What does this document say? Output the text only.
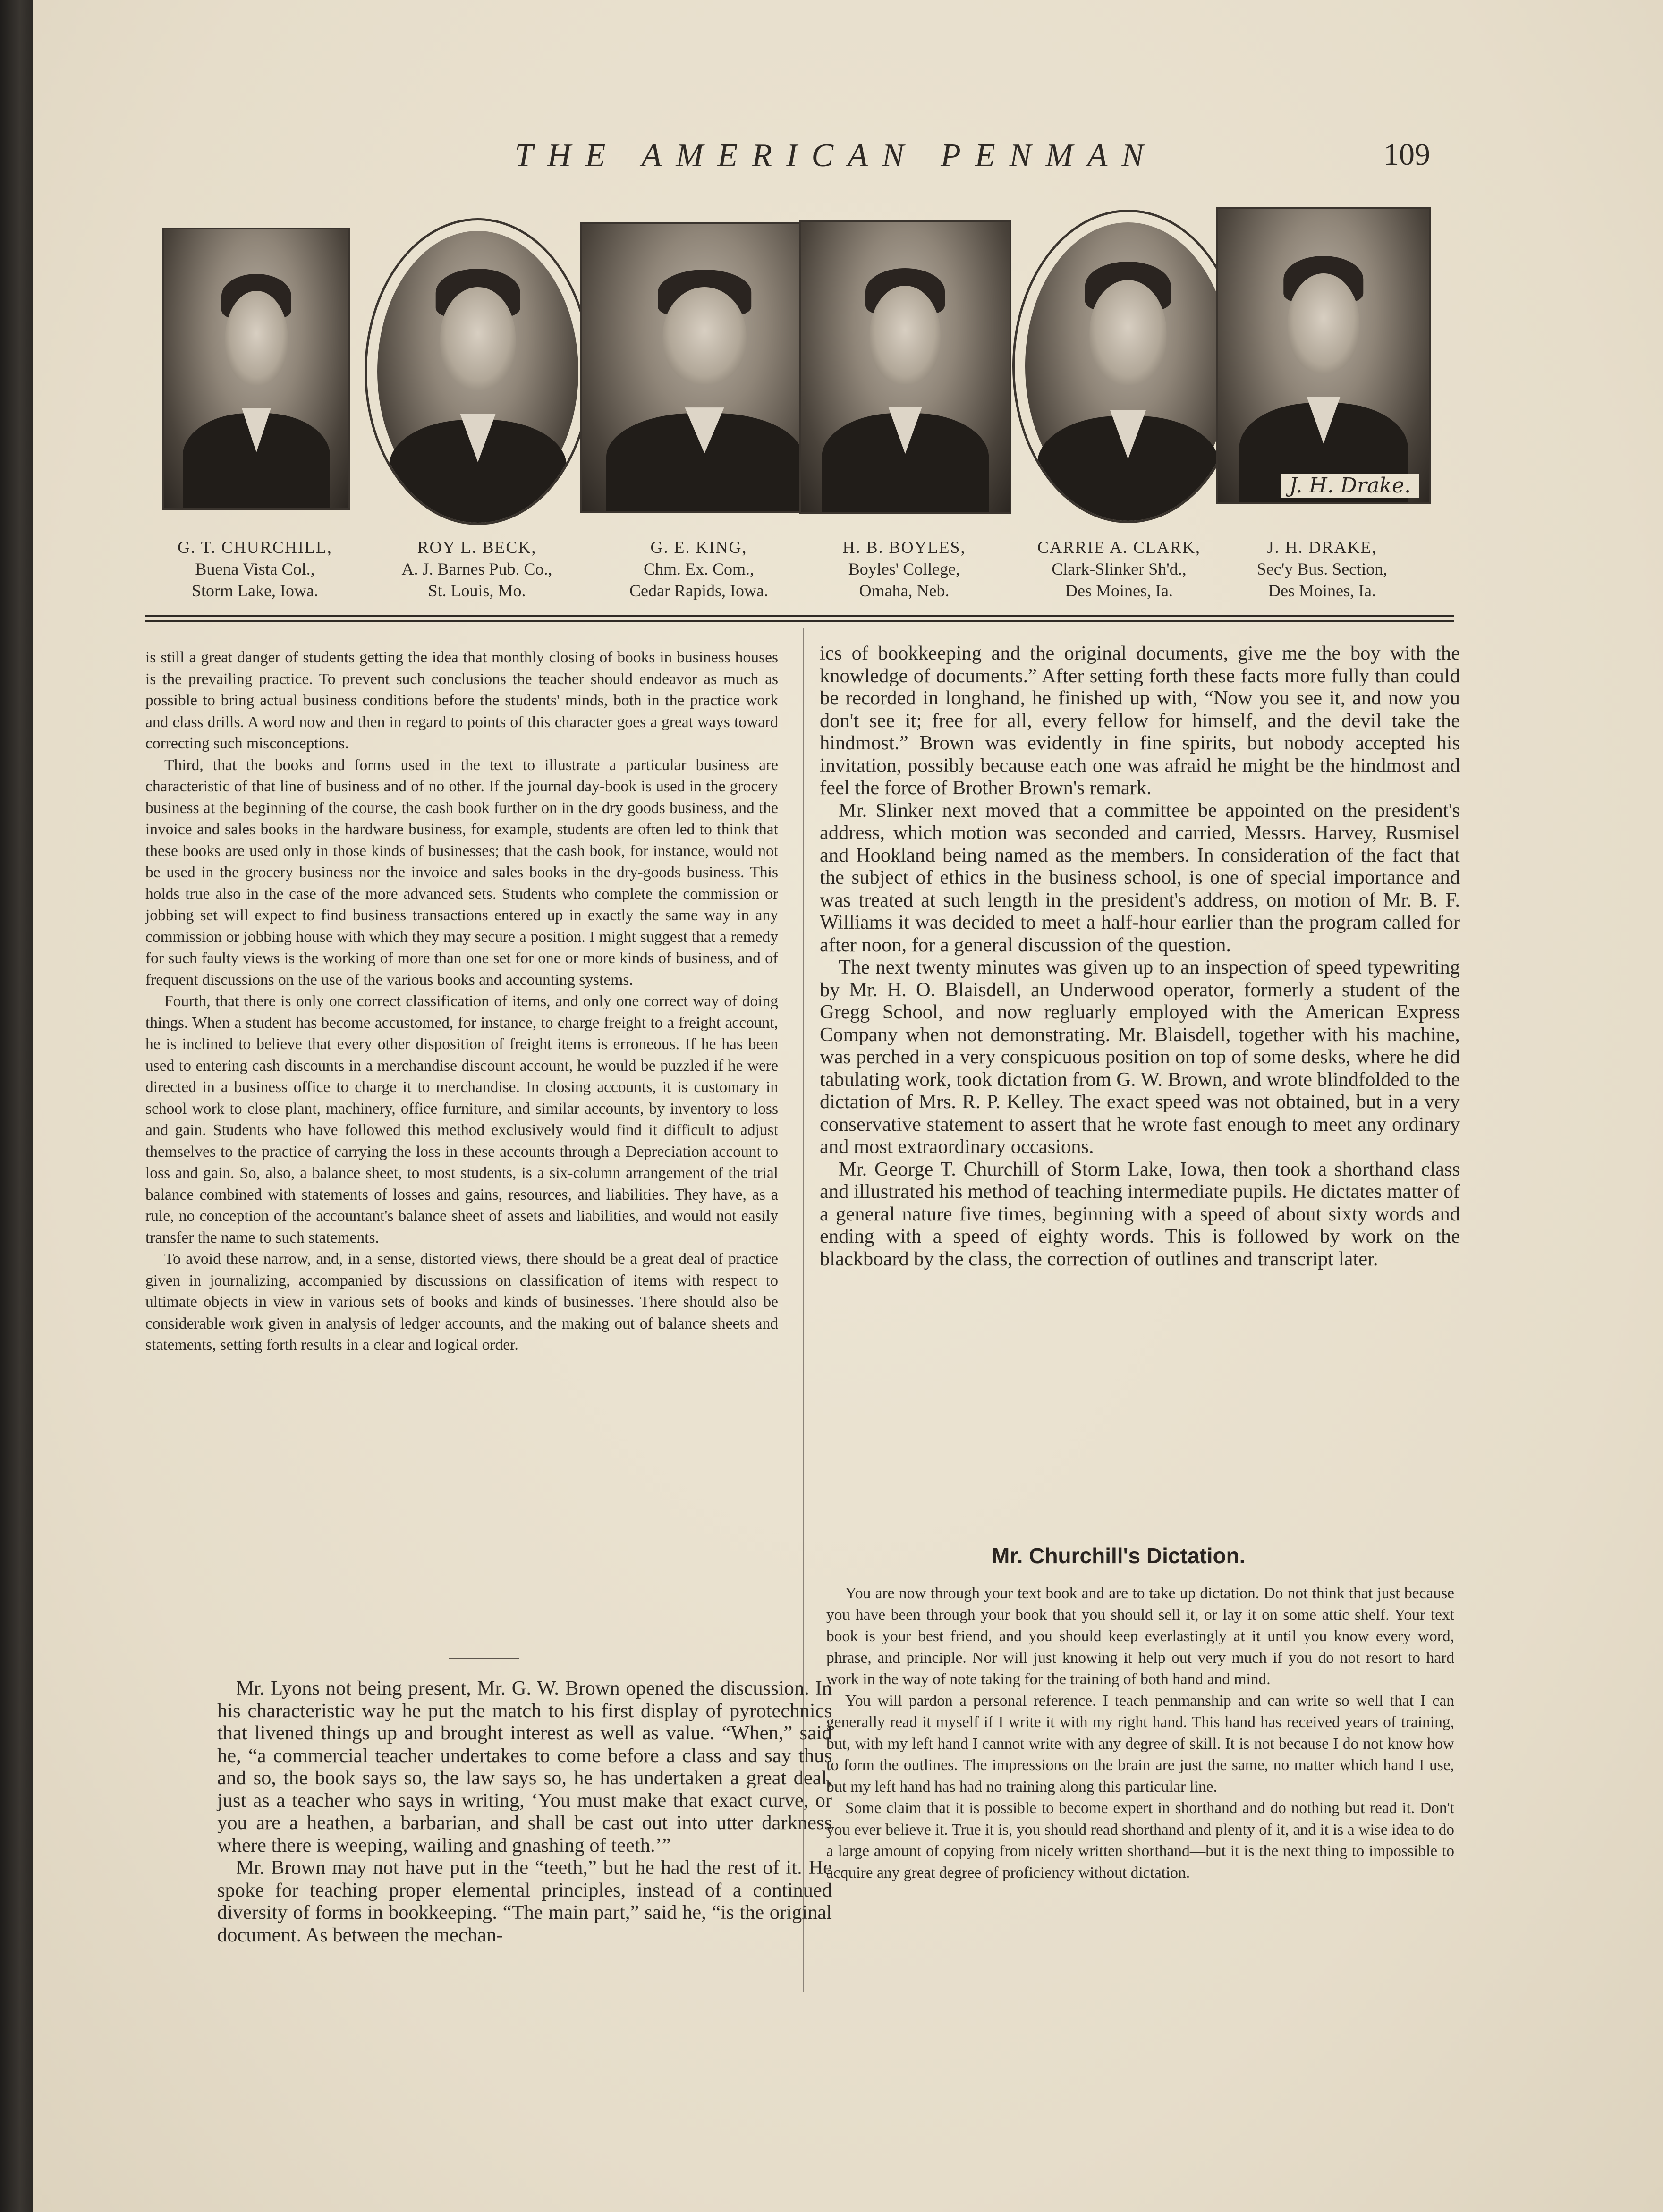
THE AMERICAN PENMAN	109
J. H. Drake.
G. T. CHURCHILL,
Buena Vista Col.,
Storm Lake, Iowa.
ROY L. BECK,
A. J. Barnes Pub. Co.,
St. Louis, Mo.
G. E. KING,
Chm. Ex. Com.,
Cedar Rapids, Iowa.
H. B. BOYLES,
Boyles' College,
Omaha, Neb.
CARRIE A. CLARK,
Clark-Slinker Sh'd.,
Des Moines, Ia.
J. H. DRAKE,
Sec'y Bus. Section,
Des Moines, Ia.

is still a great danger of students getting the idea that monthly closing of books in business houses is the prevailing practice. To prevent such conclusions the teacher should endeavor as much as possible to bring actual business conditions before the students' minds, both in the practice work and class drills. A word now and then in regard to points of this character goes a great ways toward correcting such misconceptions.

Third, that the books and forms used in the text to illustrate a particular business are characteristic of that line of business and of no other. If the journal day-book is used in the grocery business at the beginning of the course, the cash book further on in the dry goods business, and the invoice and sales books in the hardware business, for example, students are often led to think that these books are used only in those kinds of businesses; that the cash book, for instance, would not be used in the grocery business nor the invoice and sales books in the dry-goods business. This holds true also in the case of the more advanced sets. Students who complete the commission or jobbing set will expect to find business transactions entered up in exactly the same way in any commission or jobbing house with which they may secure a position. I might suggest that a remedy for such faulty views is the working of more than one set for one or more kinds of business, and of frequent discussions on the use of the various books and accounting systems.

Fourth, that there is only one correct classification of items, and only one correct way of doing things. When a student has become accustomed, for instance, to charge freight to a freight account, he is inclined to believe that every other disposition of freight items is erroneous. If he has been used to entering cash discounts in a merchandise discount account, he would be puzzled if he were directed in a business office to charge it to merchandise. In closing accounts, it is customary in school work to close plant, machinery, office furniture, and similar accounts, by inventory to loss and gain. Students who have followed this method exclusively would find it difficult to adjust themselves to the practice of carrying the loss in these accounts through a Depreciation account to loss and gain. So, also, a balance sheet, to most students, is a six-column arrangement of the trial balance combined with statements of losses and gains, resources, and liabilities. They have, as a rule, no conception of the accountant's balance sheet of assets and liabilities, and would not easily transfer the name to such statements.

To avoid these narrow, and, in a sense, distorted views, there should be a great deal of practice given in journalizing, accompanied by discussions on classification of items with respect to ultimate objects in view in various sets of books and kinds of businesses. There should also be considerable work given in analysis of ledger accounts, and the making out of balance sheets and statements, setting forth results in a clear and logical order.

Mr. Lyons not being present, Mr. G. W. Brown opened the discussion. In his characteristic way he put the match to his first display of pyrotechnics that livened things up and brought interest as well as value. “When,” said he, “a commercial teacher undertakes to come before a class and say thus and so, the book says so, the law says so, he has undertaken a great deal, just as a teacher who says in writing, ‘You must make that exact curve, or you are a heathen, a barbarian, and shall be cast out into utter darkness where there is weeping, wailing and gnashing of teeth.’”

Mr. Brown may not have put in the “teeth,” but he had the rest of it. He spoke for teaching proper elemental principles, instead of a continued diversity of forms in bookkeeping. “The main part,” said he, “is the original document. As between the mechan-

ics of bookkeeping and the original documents, give me the boy with the knowledge of documents.” After setting forth these facts more fully than could be recorded in longhand, he finished up with, “Now you see it, and now you don't see it; free for all, every fellow for himself, and the devil take the hindmost.” Brown was evidently in fine spirits, but nobody accepted his invitation, possibly because each one was afraid he might be the hindmost and feel the force of Brother Brown's remark.

Mr. Slinker next moved that a committee be appointed on the president's address, which motion was seconded and carried, Messrs. Harvey, Rusmisel and Hookland being named as the members. In consideration of the fact that the subject of ethics in the business school, is one of special importance and was treated at such length in the president's address, on motion of Mr. B. F. Williams it was decided to meet a half-hour earlier than the program called for after noon, for a general discussion of the question.

The next twenty minutes was given up to an inspection of speed typewriting by Mr. H. O. Blaisdell, an Underwood operator, formerly a student of the Gregg School, and now regluarly employed with the American Express Company when not demonstrating. Mr. Blaisdell, together with his machine, was perched in a very conspicuous position on top of some desks, where he did tabulating work, took dictation from G. W. Brown, and wrote blindfolded to the dictation of Mrs. R. P. Kelley. The exact speed was not obtained, but in a very conservative statement to assert that he wrote fast enough to meet any ordinary and most extraordinary occasions.

Mr. George T. Churchill of Storm Lake, Iowa, then took a shorthand class and illustrated his method of teaching intermediate pupils. He dictates matter of a general nature five times, beginning with a speed of about sixty words and ending with a speed of eighty words. This is followed by work on the blackboard by the class, the correction of outlines and transcript later.

Mr. Churchill's Dictation.

You are now through your text book and are to take up dictation. Do not think that just because you have been through your book that you should sell it, or lay it on some attic shelf. Your text book is your best friend, and you should keep everlastingly at it until you know every word, phrase, and principle. Nor will just knowing it help out very much if you do not resort to hard work in the way of note taking for the training of both hand and mind.

You will pardon a personal reference. I teach penmanship and can write so well that I can generally read it myself if I write it with my right hand. This hand has received years of training, but, with my left hand I cannot write with any degree of skill. It is not because I do not know how to form the outlines. The impressions on the brain are just the same, no matter which hand I use, but my left hand has had no training along this particular line.

Some claim that it is possible to become expert in shorthand and do nothing but read it. Don't you ever believe it. True it is, you should read shorthand and plenty of it, and it is a wise idea to do a large amount of copying from nicely written shorthand—but it is the next thing to impossible to acquire any great degree of proficiency without dictation.
